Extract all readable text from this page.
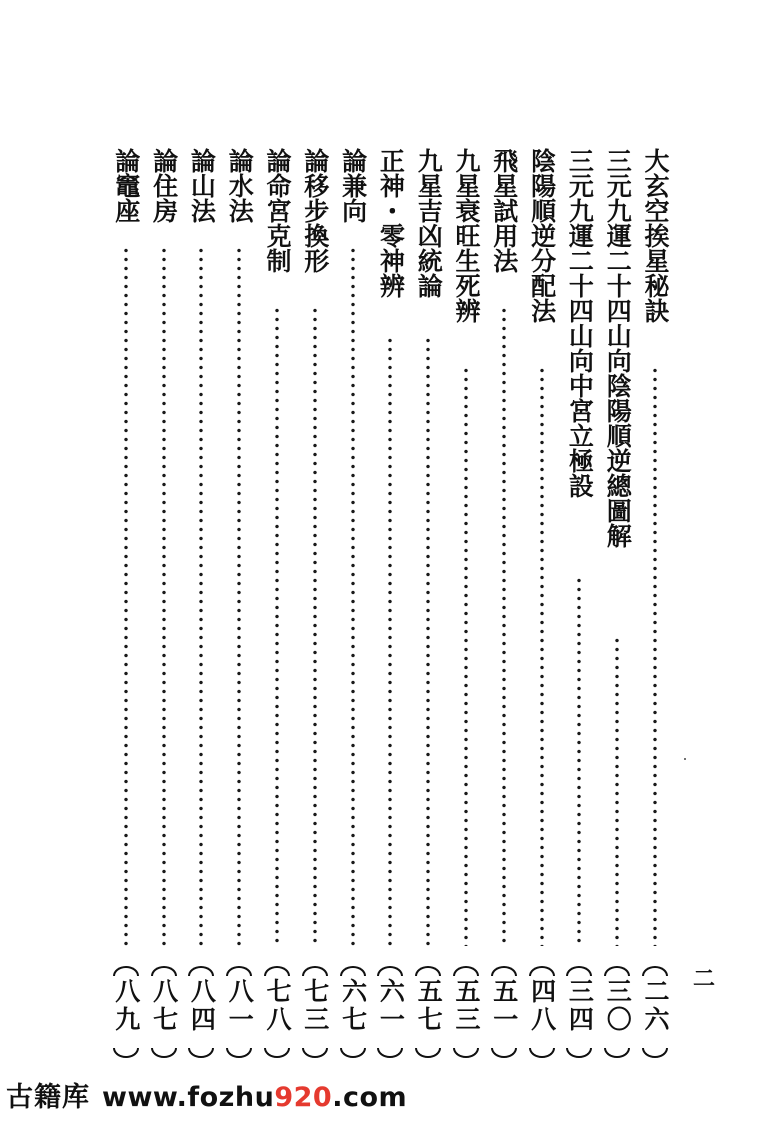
大玄空挨星秘訣
二六
三元九運二十四山向陰陽順逆總圖解
三〇
三元九運二十四山向中宮立極設
三四
陰陽順逆分配法
四八
飛星試用法
五一
九星衰旺生死辨
五三
九星吉凶統論
五七
正神・零神辨
六一
論兼向
六七
論移步換形
七三
論命宮克制
七八
論水法
八一
論山法
八四
論住房
八七
論竈座
八九	二
古籍库 www.fozhu920.com
